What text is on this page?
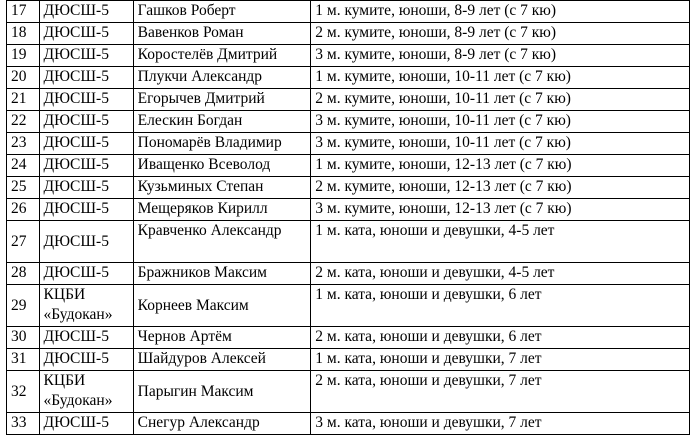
17	ДЮСШ-5	Гашков Роберт	1 м. кумите, юноши, 8-9 лет (с 7 кю)
18	ДЮСШ-5	Вавенков Роман	2 м. кумите, юноши, 8-9 лет (с 7 кю)
19	ДЮСШ-5	Коростелёв Дмитрий	3 м. кумите, юноши, 8-9 лет (с 7 кю)
20	ДЮСШ-5	Плукчи Александр	1 м. кумите, юноши, 10-11 лет (с 7 кю)
21	ДЮСШ-5	Егорычев Дмитрий	2 м. кумите, юноши, 10-11 лет (с 7 кю)
22	ДЮСШ-5	Елескин Богдан	3 м. кумите, юноши, 10-11 лет (с 7 кю)
23	ДЮСШ-5	Пономарёв Владимир	3 м. кумите, юноши, 10-11 лет (с 7 кю)
24	ДЮСШ-5	Иващенко Всеволод	1 м. кумите, юноши, 12-13 лет (с 7 кю)
25	ДЮСШ-5	Кузьминых Степан	2 м. кумите, юноши, 12-13 лет (с 7 кю)
26	ДЮСШ-5	Мещеряков Кирилл	3 м. кумите, юноши, 12-13 лет (с 7 кю)
27	ДЮСШ-5	Кравченко Александр	1 м. ката, юноши и девушки, 4-5 лет
28	ДЮСШ-5	Бражников Максим	2 м. ката, юноши и девушки, 4-5 лет
29	КЦБИ «Будокан»	Корнеев Максим	1 м. ката, юноши и девушки, 6 лет
30	ДЮСШ-5	Чернов Артём	2 м. ката, юноши и девушки, 6 лет
31	ДЮСШ-5	Шайдуров Алексей	1 м. ката, юноши и девушки, 7 лет
32	КЦБИ «Будокан»	Парыгин Максим	2 м. ката, юноши и девушки, 7 лет
33	ДЮСШ-5	Снегур Александр	3 м. ката, юноши и девушки, 7 лет
